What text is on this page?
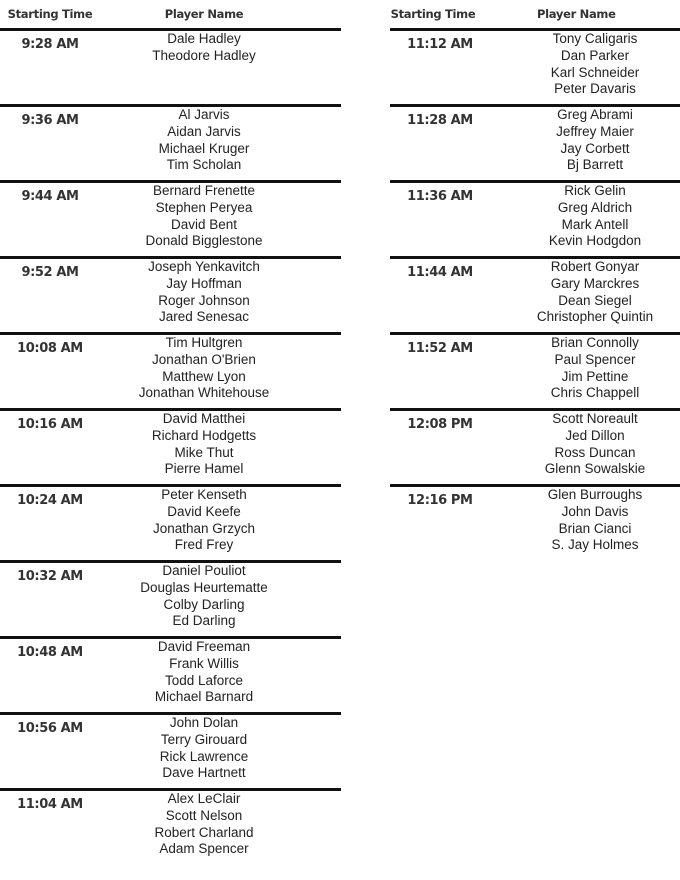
Starting Time	Player Name
9:28 AM	Dale Hadley
Theodore Hadley
9:36 AM	Al Jarvis
Aidan Jarvis
Michael Kruger
Tim Scholan
9:44 AM	Bernard Frenette
Stephen Peryea
David Bent
Donald Bigglestone
9:52 AM	Joseph Yenkavitch
Jay Hoffman
Roger Johnson
Jared Senesac
10:08 AM	Tim Hultgren
Jonathan O'Brien
Matthew Lyon
Jonathan Whitehouse
10:16 AM	David Matthei
Richard Hodgetts
Mike Thut
Pierre Hamel
10:24 AM	Peter Kenseth
David Keefe
Jonathan Grzych
Fred Frey
10:32 AM	Daniel Pouliot
Douglas Heurtematte
Colby Darling
Ed Darling
10:48 AM	David Freeman
Frank Willis
Todd Laforce
Michael Barnard
10:56 AM	John Dolan
Terry Girouard
Rick Lawrence
Dave Hartnett
11:04 AM	Alex LeClair
Scott Nelson
Robert Charland
Adam Spencer
Starting Time	Player Name
11:12 AM	Tony Caligaris
Dan Parker
Karl Schneider
Peter Davaris
11:28 AM	Greg Abrami
Jeffrey Maier
Jay Corbett
Bj Barrett
11:36 AM	Rick Gelin
Greg Aldrich
Mark Antell
Kevin Hodgdon
11:44 AM	Robert Gonyar
Gary Marckres
Dean Siegel
Christopher Quintin
11:52 AM	Brian Connolly
Paul Spencer
Jim Pettine
Chris Chappell
12:08 PM	Scott Noreault
Jed Dillon
Ross Duncan
Glenn Sowalskie
12:16 PM	Glen Burroughs
John Davis
Brian Cianci
S. Jay Holmes
